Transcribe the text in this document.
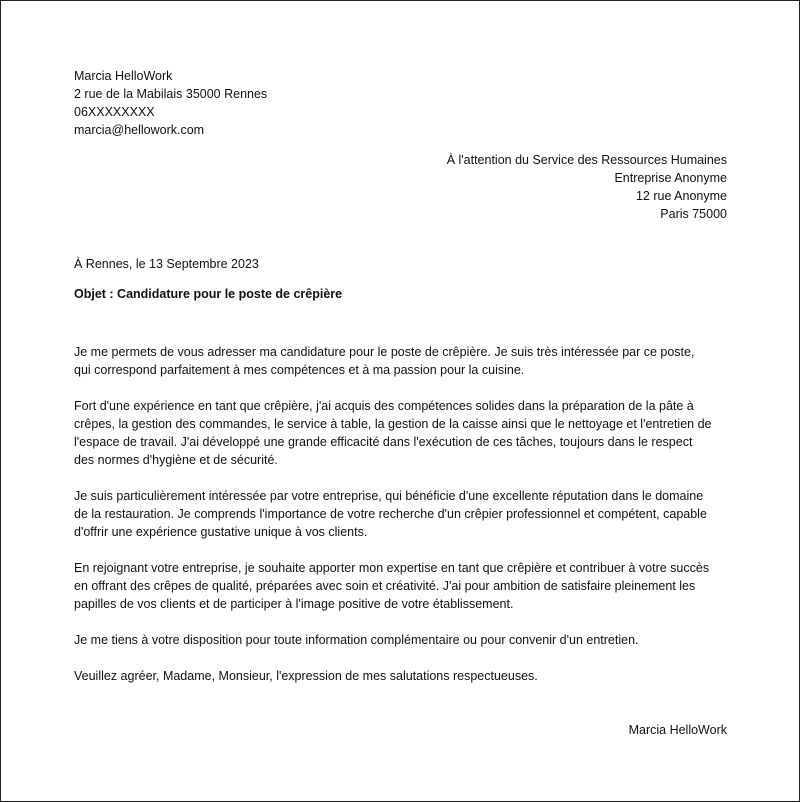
Marcia HelloWork
2 rue de la Mabilais 35000 Rennes
06XXXXXXXX
marcia@hellowork.com
À l'attention du Service des Ressources Humaines
Entreprise Anonyme
12 rue Anonyme
Paris 75000
À Rennes, le 13 Septembre 2023
Objet : Candidature pour le poste de crêpière

Je me permets de vous adresser ma candidature pour le poste de crêpière. Je suis très intéressée par ce poste,
qui correspond parfaitement à mes compétences et à ma passion pour la cuisine.

Fort d'une expérience en tant que crêpière, j'ai acquis des compétences solides dans la préparation de la pâte à
crêpes, la gestion des commandes, le service à table, la gestion de la caisse ainsi que le nettoyage et l'entretien de
l'espace de travail. J'ai développé une grande efficacité dans l'exécution de ces tâches, toujours dans le respect
des normes d'hygiène et de sécurité.

Je suis particulièrement intéressée par votre entreprise, qui bénéficie d'une excellente réputation dans le domaine
de la restauration. Je comprends l'importance de votre recherche d'un crêpier professionnel et compétent, capable
d'offrir une expérience gustative unique à vos clients.

En rejoignant votre entreprise, je souhaite apporter mon expertise en tant que crêpière et contribuer à votre succès
en offrant des crêpes de qualité, préparées avec soin et créativité. J'ai pour ambition de satisfaire pleinement les
papilles de vos clients et de participer à l'image positive de votre établissement.

Je me tiens à votre disposition pour toute information complémentaire ou pour convenir d'un entretien.

Veuillez agréer, Madame, Monsieur, l'expression de mes salutations respectueuses.

Marcia HelloWork
